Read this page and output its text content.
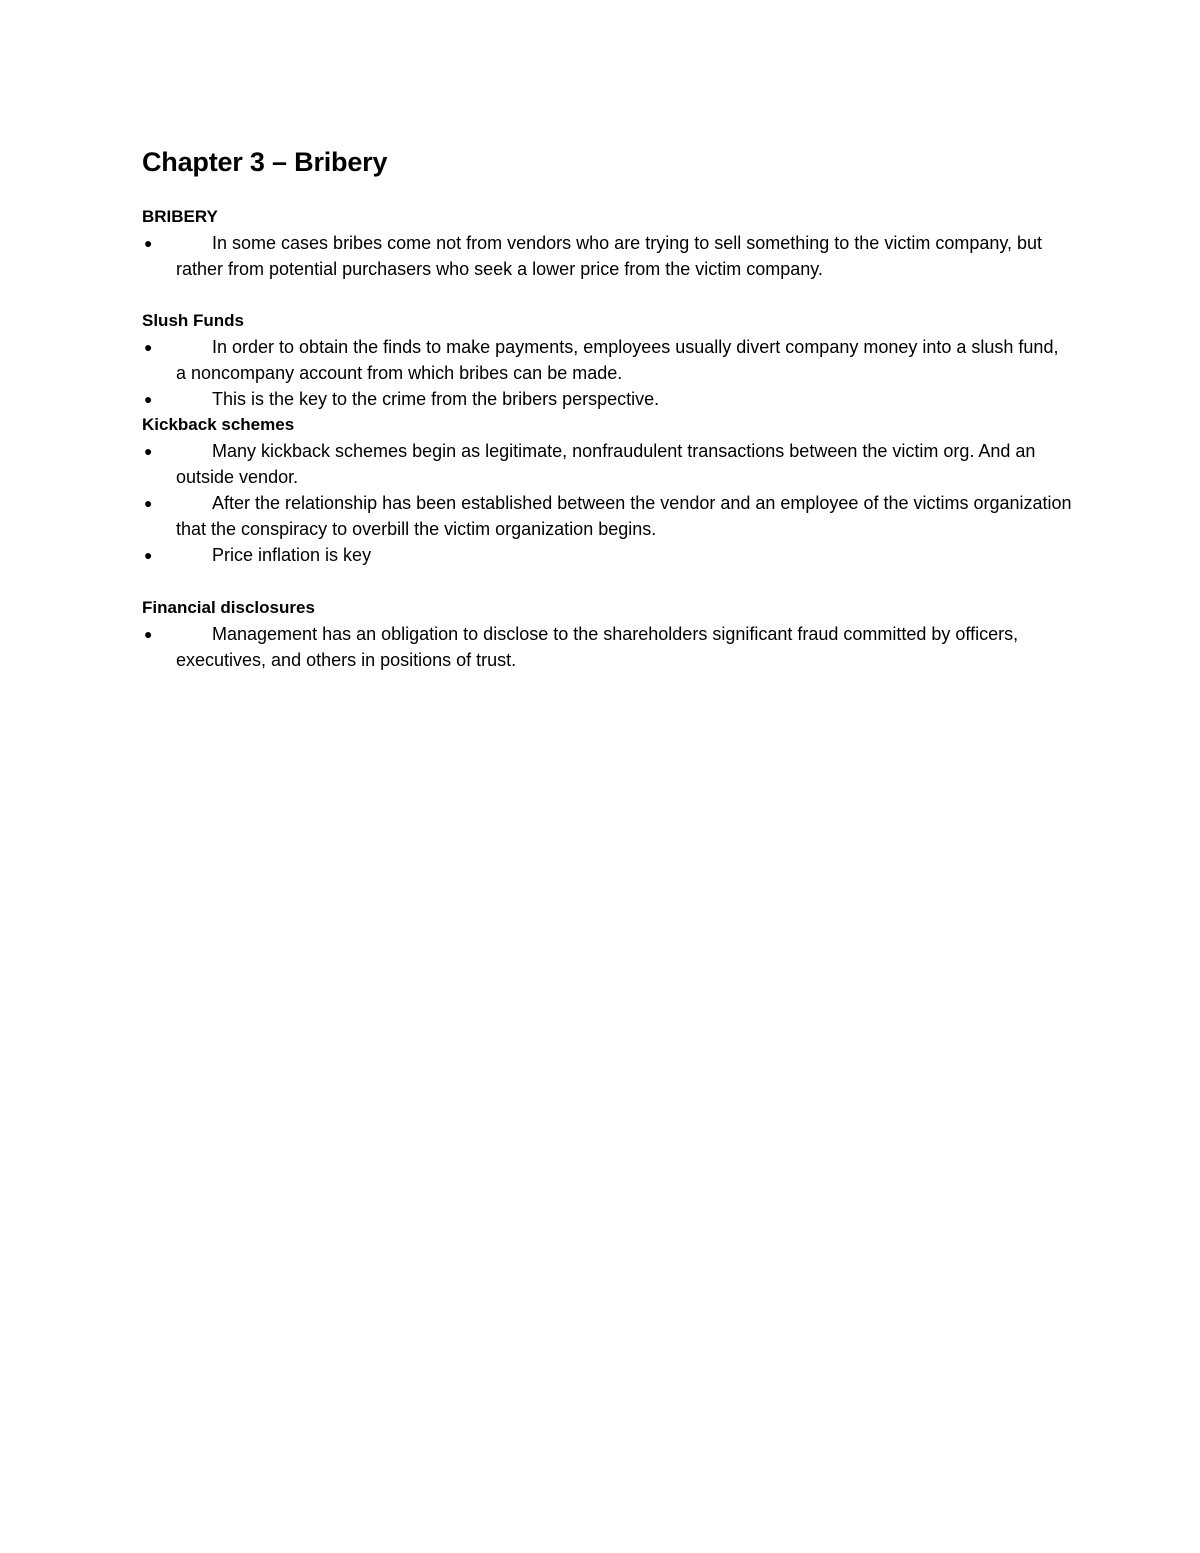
Chapter 3 – Bribery
BRIBERY
●	In some cases bribes come not from vendors who are trying to sell something to the victim company, but rather from potential purchasers who seek a lower price from the victim company.
Slush Funds
●	In order to obtain the finds to make payments, employees usually divert company money into a slush fund, a noncompany account from which bribes can be made.
●	This is the key to the crime from the bribers perspective.
Kickback schemes
●	Many kickback schemes begin as legitimate, nonfraudulent transactions between the victim org. And an outside vendor.
●	After the relationship has been established between the vendor and an employee of the victims organization that the conspiracy to overbill the victim organization begins.
●	Price inflation is key
Financial disclosures
●	Management has an obligation to disclose to the shareholders significant fraud committed by officers, executives, and others in positions of trust.
